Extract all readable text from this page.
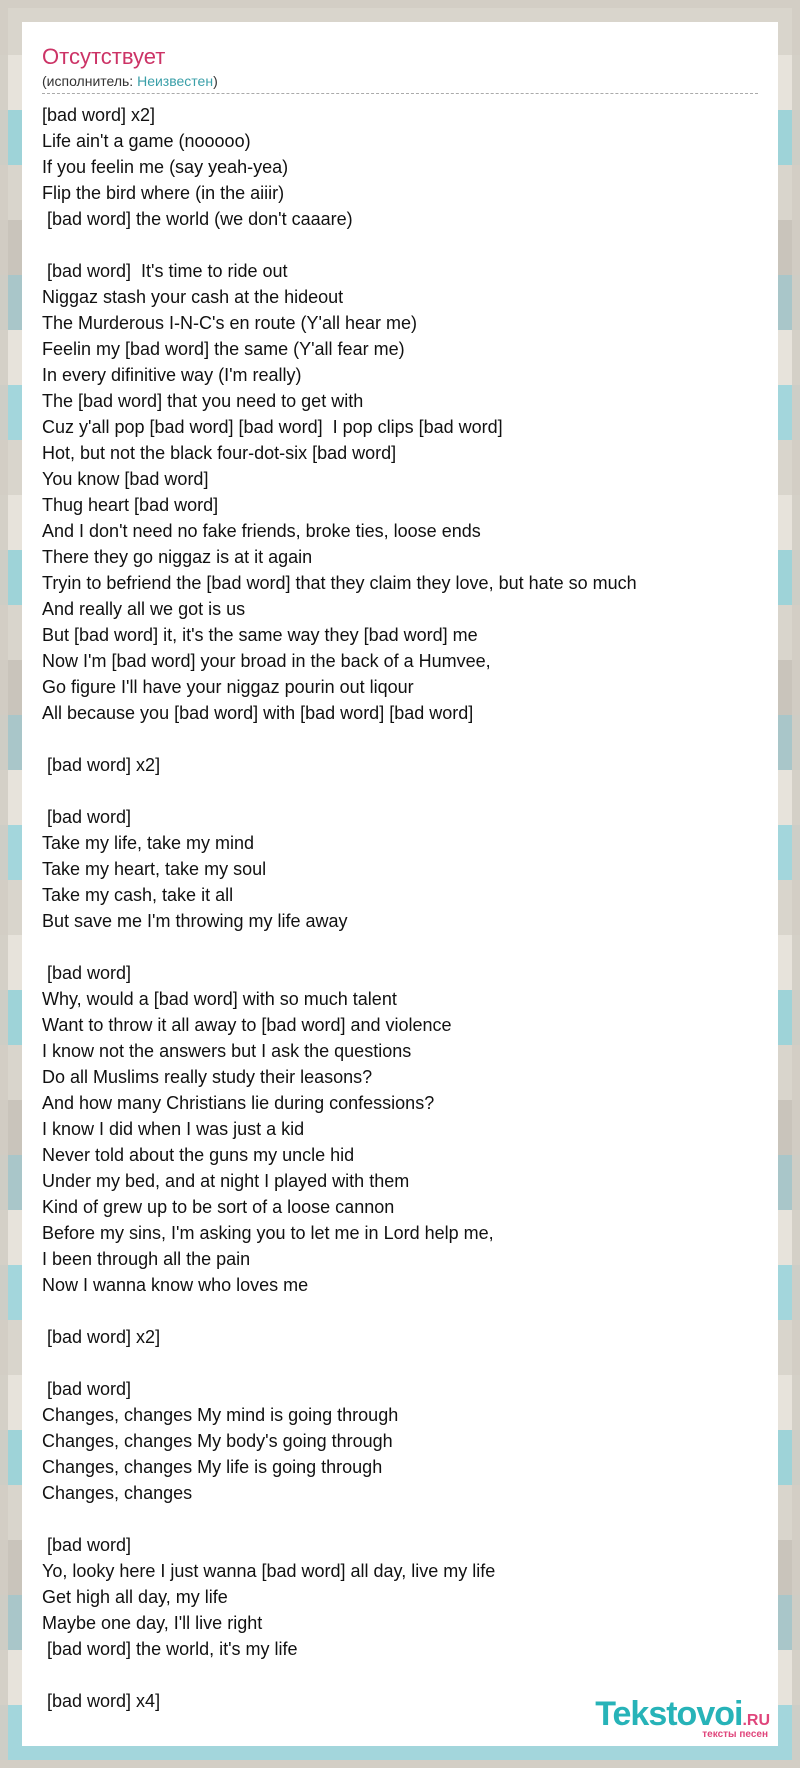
Отсутствует
(исполнитель: Неизвестен)
[bad word] x2]
Life ain't a game (nooooo)
If you feelin me (say yeah-yea)
Flip the bird where (in the aiiir)
[bad word] the world (we don't caaare)
[bad word]  It's time to ride out
Niggaz stash your cash at the hideout
The Murderous I-N-C's en route (Y'all hear me)
Feelin my [bad word] the same (Y'all fear me)
In every difinitive way (I'm really)
The [bad word] that you need to get with
Cuz y'all pop [bad word] [bad word]  I pop clips [bad word]
Hot, but not the black four-dot-six [bad word]
You know [bad word]
Thug heart [bad word]
And I don't need no fake friends, broke ties, loose ends
There they go niggaz is at it again
Tryin to befriend the [bad word] that they claim they love, but hate so much
And really all we got is us
But [bad word] it, it's the same way they [bad word] me
Now I'm [bad word] your broad in the back of a Humvee,
Go figure I'll have your niggaz pourin out liqour
All because you [bad word] with [bad word] [bad word]
[bad word] x2]
[bad word]
Take my life, take my mind
Take my heart, take my soul
Take my cash, take it all
But save me I'm throwing my life away
[bad word]
Why, would a [bad word] with so much talent
Want to throw it all away to [bad word] and violence
I know not the answers but I ask the questions
Do all Muslims really study their leasons?
And how many Christians lie during confessions?
I know I did when I was just a kid
Never told about the guns my uncle hid
Under my bed, and at night I played with them
Kind of grew up to be sort of a loose cannon
Before my sins, I'm asking you to let me in Lord help me,
I been through all the pain
Now I wanna know who loves me
[bad word] x2]
[bad word]
Changes, changes My mind is going through
Changes, changes My body's going through
Changes, changes My life is going through
Changes, changes
[bad word]
Yo, looky here I just wanna [bad word] all day, live my life
Get high all day, my life
Maybe one day, I'll live right
[bad word] the world, it's my life
[bad word] x4]	Tekstovoi.RU
тексты песен
